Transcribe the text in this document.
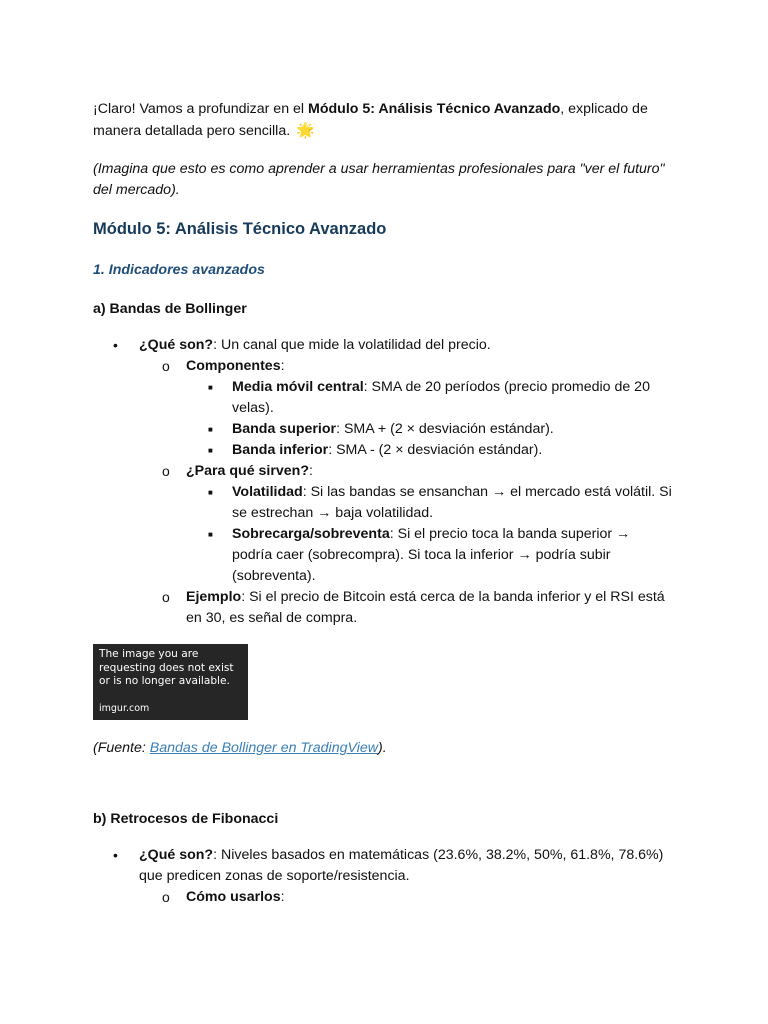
¡Claro! Vamos a profundizar en el Módulo 5: Análisis Técnico Avanzado, explicado de manera detallada pero sencilla. 🌟

(Imagina que esto es como aprender a usar herramientas profesionales para "ver el futuro" del mercado).

Módulo 5: Análisis Técnico Avanzado
1. Indicadores avanzados
a) Bandas de Bollinger
•	¿Qué son?: Un canal que mide la volatilidad del precio.
o	Componentes:
■	Media móvil central: SMA de 20 períodos (precio promedio de 20 velas).
■	Banda superior: SMA + (2 × desviación estándar).
■	Banda inferior: SMA - (2 × desviación estándar).
o	¿Para qué sirven?:
■	Volatilidad: Si las bandas se ensanchan → el mercado está volátil. Si se estrechan → baja volatilidad.
■	Sobrecarga/sobreventa: Si el precio toca la banda superior → podría caer (sobrecompra). Si toca la inferior → podría subir (sobreventa).
o	Ejemplo: Si el precio de Bitcoin está cerca de la banda inferior y el RSI está en 30, es señal de compra.
The image you are
requesting does not exist
or is no longer available.
imgur.com

(Fuente: Bandas de Bollinger en TradingView).

b) Retrocesos de Fibonacci
•	¿Qué son?: Niveles basados en matemáticas (23.6%, 38.2%, 50%, 61.8%, 78.6%) que predicen zonas de soporte/resistencia.
o	Cómo usarlos:
